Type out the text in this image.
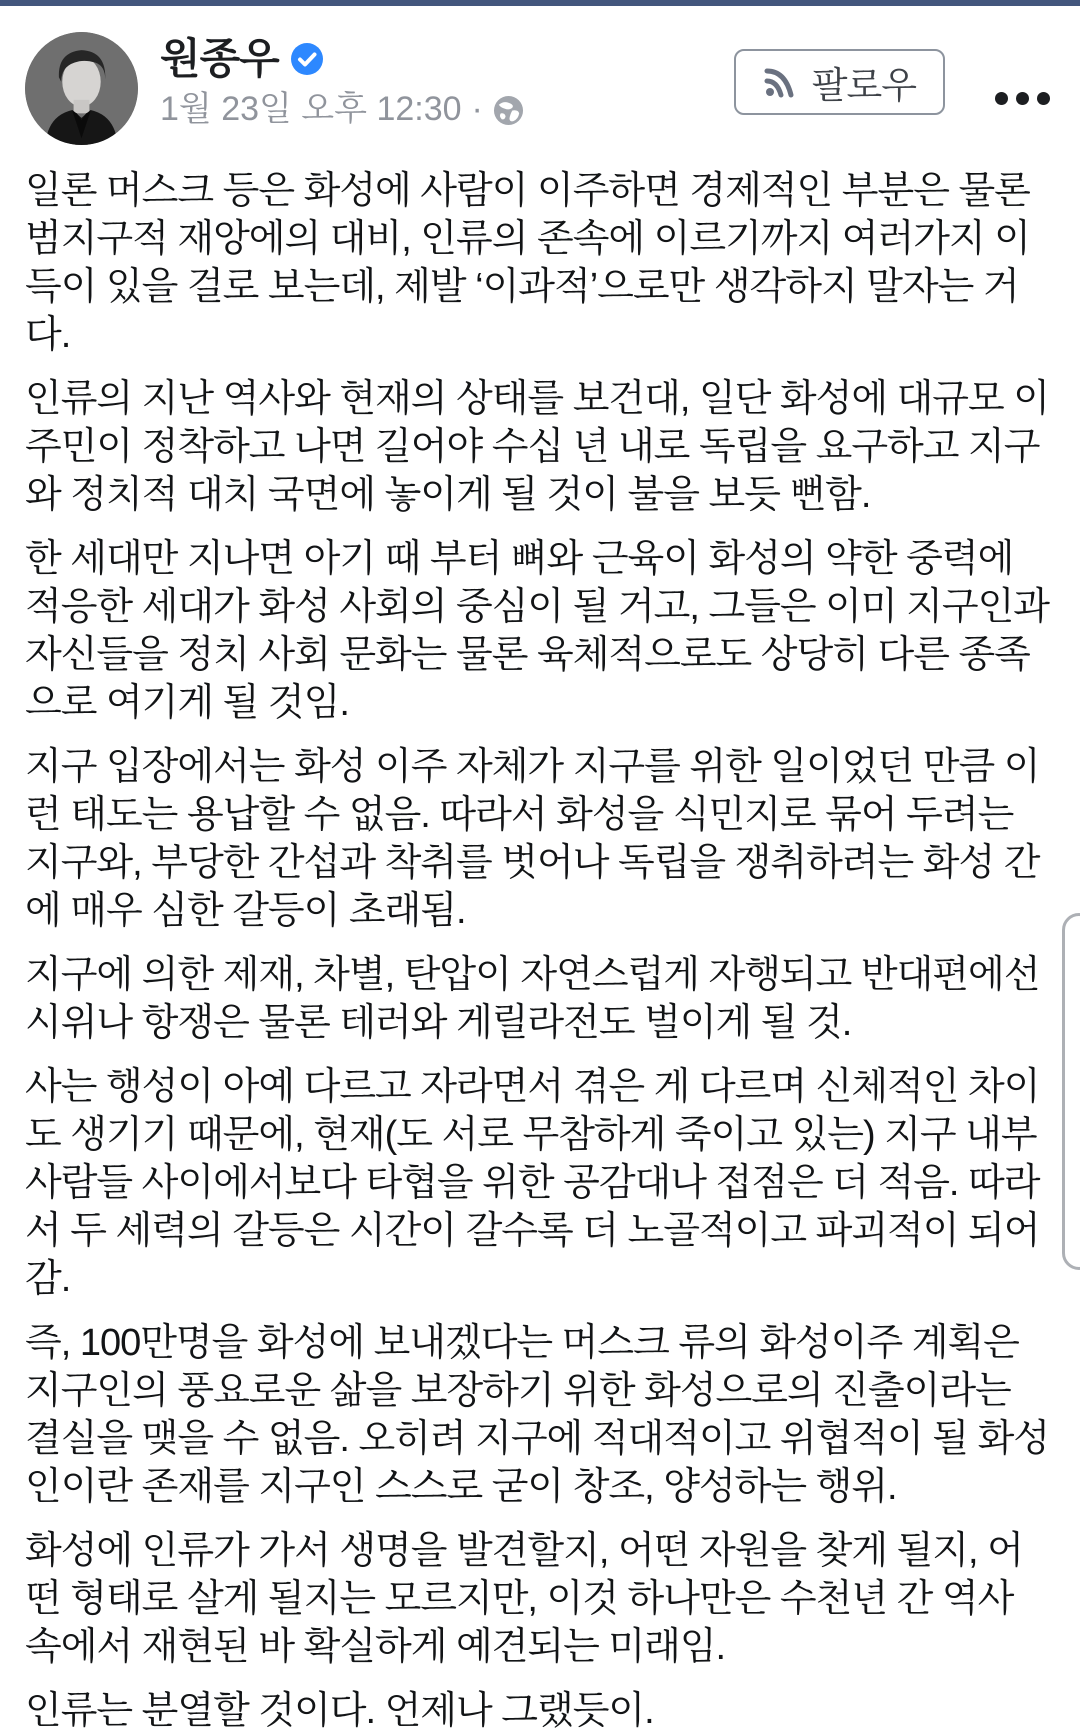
원종우
1월 23일 오후 12:30 ·
팔로우

일론 머스크 등은 화성에 사람이 이주하면 경제적인 부분은 물론 범지구적 재앙에의 대비, 인류의 존속에 이르기까지 여러가지 이득이 있을 걸로 보는데, 제발 ‘이과적’으로만 생각하지 말자는 거다.

인류의 지난 역사와 현재의 상태를 보건대, 일단 화성에 대규모 이주민이 정착하고 나면 길어야 수십 년 내로 독립을 요구하고 지구와 정치적 대치 국면에 놓이게 될 것이 불을 보듯 뻔함.

한 세대만 지나면 아기 때 부터 뼈와 근육이 화성의 약한 중력에 적응한 세대가 화성 사회의 중심이 될 거고, 그들은 이미 지구인과 자신들을 정치 사회 문화는 물론 육체적으로도 상당히 다른 종족으로 여기게 될 것임.

지구 입장에서는 화성 이주 자체가 지구를 위한 일이었던 만큼 이런 태도는 용납할 수 없음. 따라서 화성을 식민지로 묶어 두려는 지구와, 부당한 간섭과 착취를 벗어나 독립을 쟁취하려는 화성 간에 매우 심한 갈등이 초래됨.

지구에 의한 제재, 차별, 탄압이 자연스럽게 자행되고 반대편에선 시위나 항쟁은 물론 테러와 게릴라전도 벌이게 될 것.

사는 행성이 아예 다르고 자라면서 겪은 게 다르며 신체적인 차이도 생기기 때문에, 현재(도 서로 무참하게 죽이고 있는) 지구 내부 사람들 사이에서보다 타협을 위한 공감대나 접점은 더 적음. 따라서 두 세력의 갈등은 시간이 갈수록 더 노골적이고 파괴적이 되어 감.

즉, 100만명을 화성에 보내겠다는 머스크 류의 화성이주 계획은 지구인의 풍요로운 삶을 보장하기 위한 화성으로의 진출이라는 결실을 맺을 수 없음. 오히려 지구에 적대적이고 위협적이 될 화성인이란 존재를 지구인 스스로 굳이 창조, 양성하는 행위.

화성에 인류가 가서 생명을 발견할지, 어떤 자원을 찾게 될지, 어떤 형태로 살게 될지는 모르지만, 이것 하나만은 수천년 간 역사 속에서 재현된 바 확실하게 예견되는 미래임.

인류는 분열할 것이다. 언제나 그랬듯이.
